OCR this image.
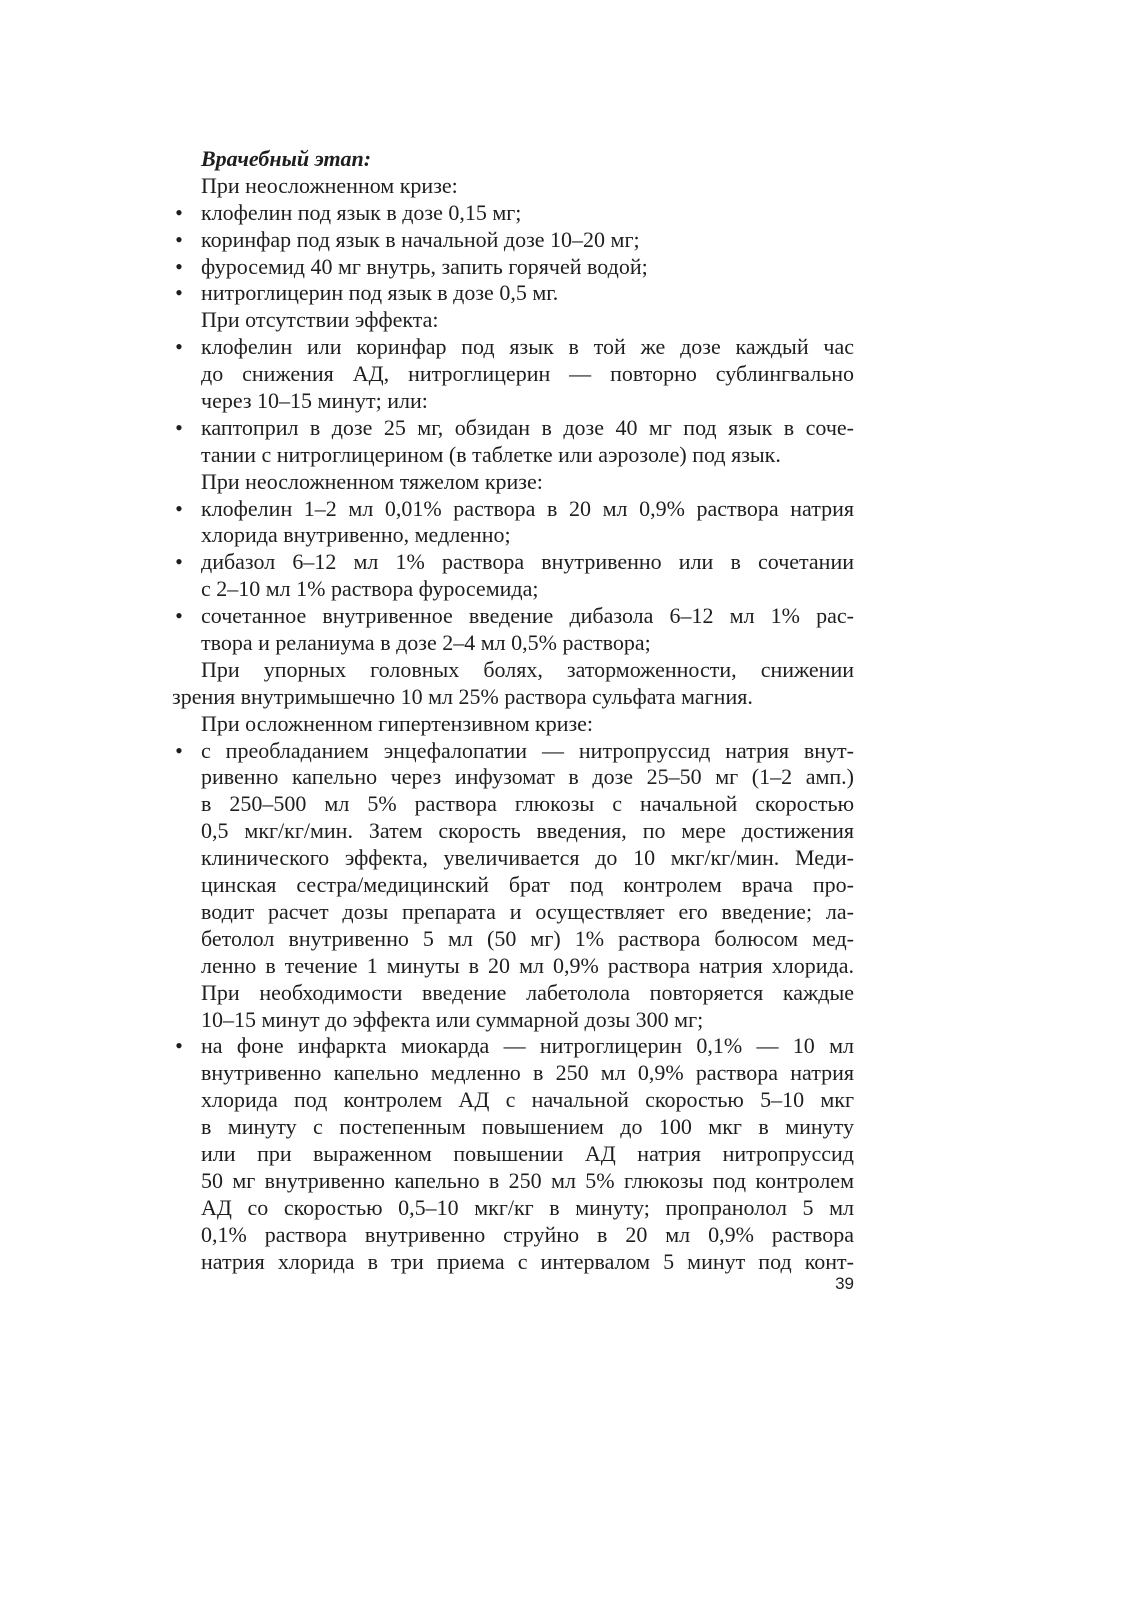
Врачебный этап:
При неосложненном кризе:
• клофелин под язык в дозе 0,15 мг;
• коринфар под язык в начальной дозе 10–20 мг;
• фуросемид 40 мг внутрь, запить горячей водой;
• нитроглицерин под язык в дозе 0,5 мг.
При отсутствии эффекта:
• клофелин или коринфар под язык в той же дозе каждый час
до снижения АД, нитроглицерин — повторно сублингвально
через 10–15 минут; или:
• каптоприл в дозе 25 мг, обзидан в дозе 40 мг под язык в соче-
тании с нитроглицерином (в таблетке или аэрозоле) под язык.
При неосложненном тяжелом кризе:
• клофелин 1–2 мл 0,01% раствора в 20 мл 0,9% раствора натрия
хлорида внутривенно, медленно;
• дибазол 6–12 мл 1% раствора внутривенно или в сочетании
с 2–10 мл 1% раствора фуросемида;
• сочетанное внутривенное введение дибазола 6–12 мл 1% рас-
твора и реланиума в дозе 2–4 мл 0,5% раствора;
При упорных головных болях, заторможенности, снижении
зрения внутримышечно 10 мл 25% раствора сульфата магния.
При осложненном гипертензивном кризе:
• с преобладанием энцефалопатии — нитропруссид натрия внут-
ривенно капельно через инфузомат в дозе 25–50 мг (1–2 амп.)
в 250–500 мл 5% раствора глюкозы с начальной скоростью
0,5 мкг/кг/мин. Затем скорость введения, по мере достижения
клинического эффекта, увеличивается до 10 мкг/кг/мин. Меди-
цинская сестра/медицинский брат под контролем врача про-
водит расчет дозы препарата и осуществляет его введение; ла-
бетолол внутривенно 5 мл (50 мг) 1% раствора болюсом мед-
ленно в течение 1 минуты в 20 мл 0,9% раствора натрия хлорида.
При необходимости введение лабетолола повторяется каждые
10–15 минут до эффекта или суммарной дозы 300 мг;
• на фоне инфаркта миокарда — нитроглицерин 0,1% — 10 мл
внутривенно капельно медленно в 250 мл 0,9% раствора натрия
хлорида под контролем АД с начальной скоростью 5–10 мкг
в минуту с постепенным повышением до 100 мкг в минуту
или при выраженном повышении АД натрия нитропруссид
50 мг внутривенно капельно в 250 мл 5% глюкозы под контролем
АД со скоростью 0,5–10 мкг/кг в минуту; пропранолол 5 мл
0,1% раствора внутривенно струйно в 20 мл 0,9% раствора
натрия хлорида в три приема с интервалом 5 минут под конт-
39
